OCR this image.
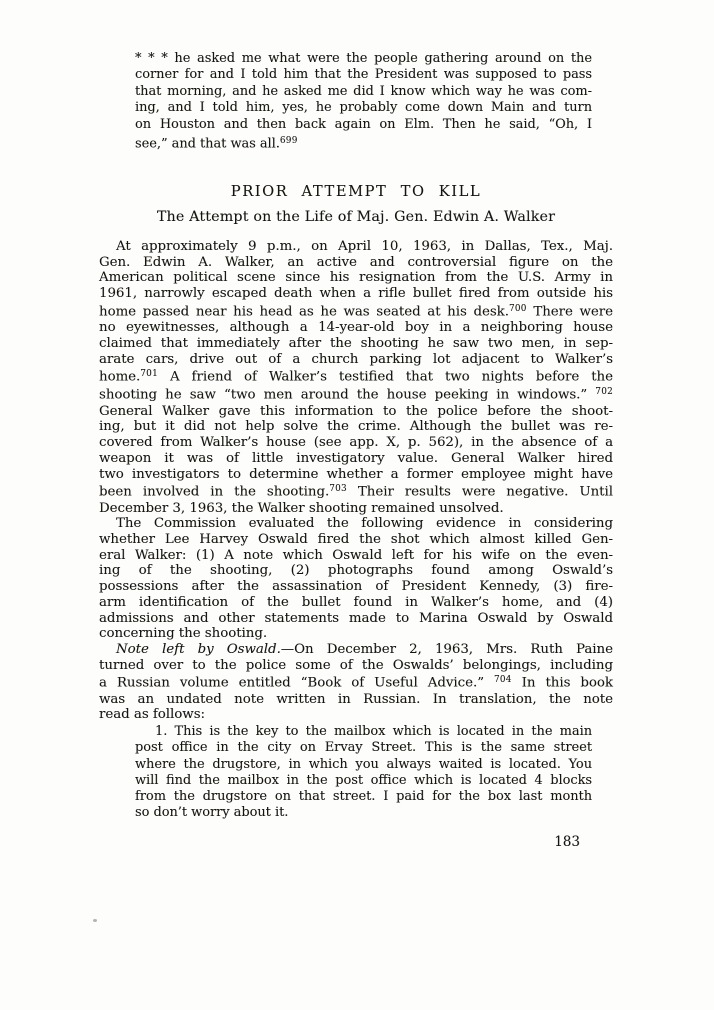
* * * he asked me what were the people gathering around on the
corner for and I told him that the President was supposed to pass
that morning, and he asked me did I know which way he was com-
ing, and I told him, yes, he probably come down Main and turn
on Houston and then back again on Elm. Then he said, “Oh, I
see,” and that was all.$^{699}$
PRIOR ATTEMPT TO KILL
The Attempt on the Life of Maj. Gen. Edwin A. Walker
At approximately 9 p.m., on April 10, 1963, in Dallas, Tex., Maj.
Gen. Edwin A. Walker, an active and controversial figure on the
American political scene since his resignation from the U.S. Army in
1961, narrowly escaped death when a rifle bullet fired from outside his
home passed near his head as he was seated at his desk.$^{700}$ There were
no eyewitnesses, although a 14-year-old boy in a neighboring house
claimed that immediately after the shooting he saw two men, in sep-
arate cars, drive out of a church parking lot adjacent to Walker’s
home.$^{701}$ A friend of Walker’s testified that two nights before the
shooting he saw “two men around the house peeking in windows.” $^{702}$
General Walker gave this information to the police before the shoot-
ing, but it did not help solve the crime. Although the bullet was re-
covered from Walker’s house (see app. X, p. 562), in the absence of a
weapon it was of little investigatory value. General Walker hired
two investigators to determine whether a former employee might have
been involved in the shooting.$^{703}$ Their results were negative. Until
December 3, 1963, the Walker shooting remained unsolved.
The Commission evaluated the following evidence in considering
whether Lee Harvey Oswald fired the shot which almost killed Gen-
eral Walker: (1) A note which Oswald left for his wife on the even-
ing of the shooting, (2) photographs found among Oswald’s
possessions after the assassination of President Kennedy, (3) fire-
arm identification of the bullet found in Walker’s home, and (4)
admissions and other statements made to Marina Oswald by Oswald
concerning the shooting.
Note left by Oswald.—On December 2, 1963, Mrs. Ruth Paine
turned over to the police some of the Oswalds’ belongings, including
a Russian volume entitled “Book of Useful Advice.” $^{704}$ In this book
was an undated note written in Russian. In translation, the note
read as follows:
1. This is the key to the mailbox which is located in the main
post office in the city on Ervay Street. This is the same street
where the drugstore, in which you always waited is located. You
will find the mailbox in the post office which is located 4 blocks
from the drugstore on that street. I paid for the box last month
so don’t worry about it.
183
